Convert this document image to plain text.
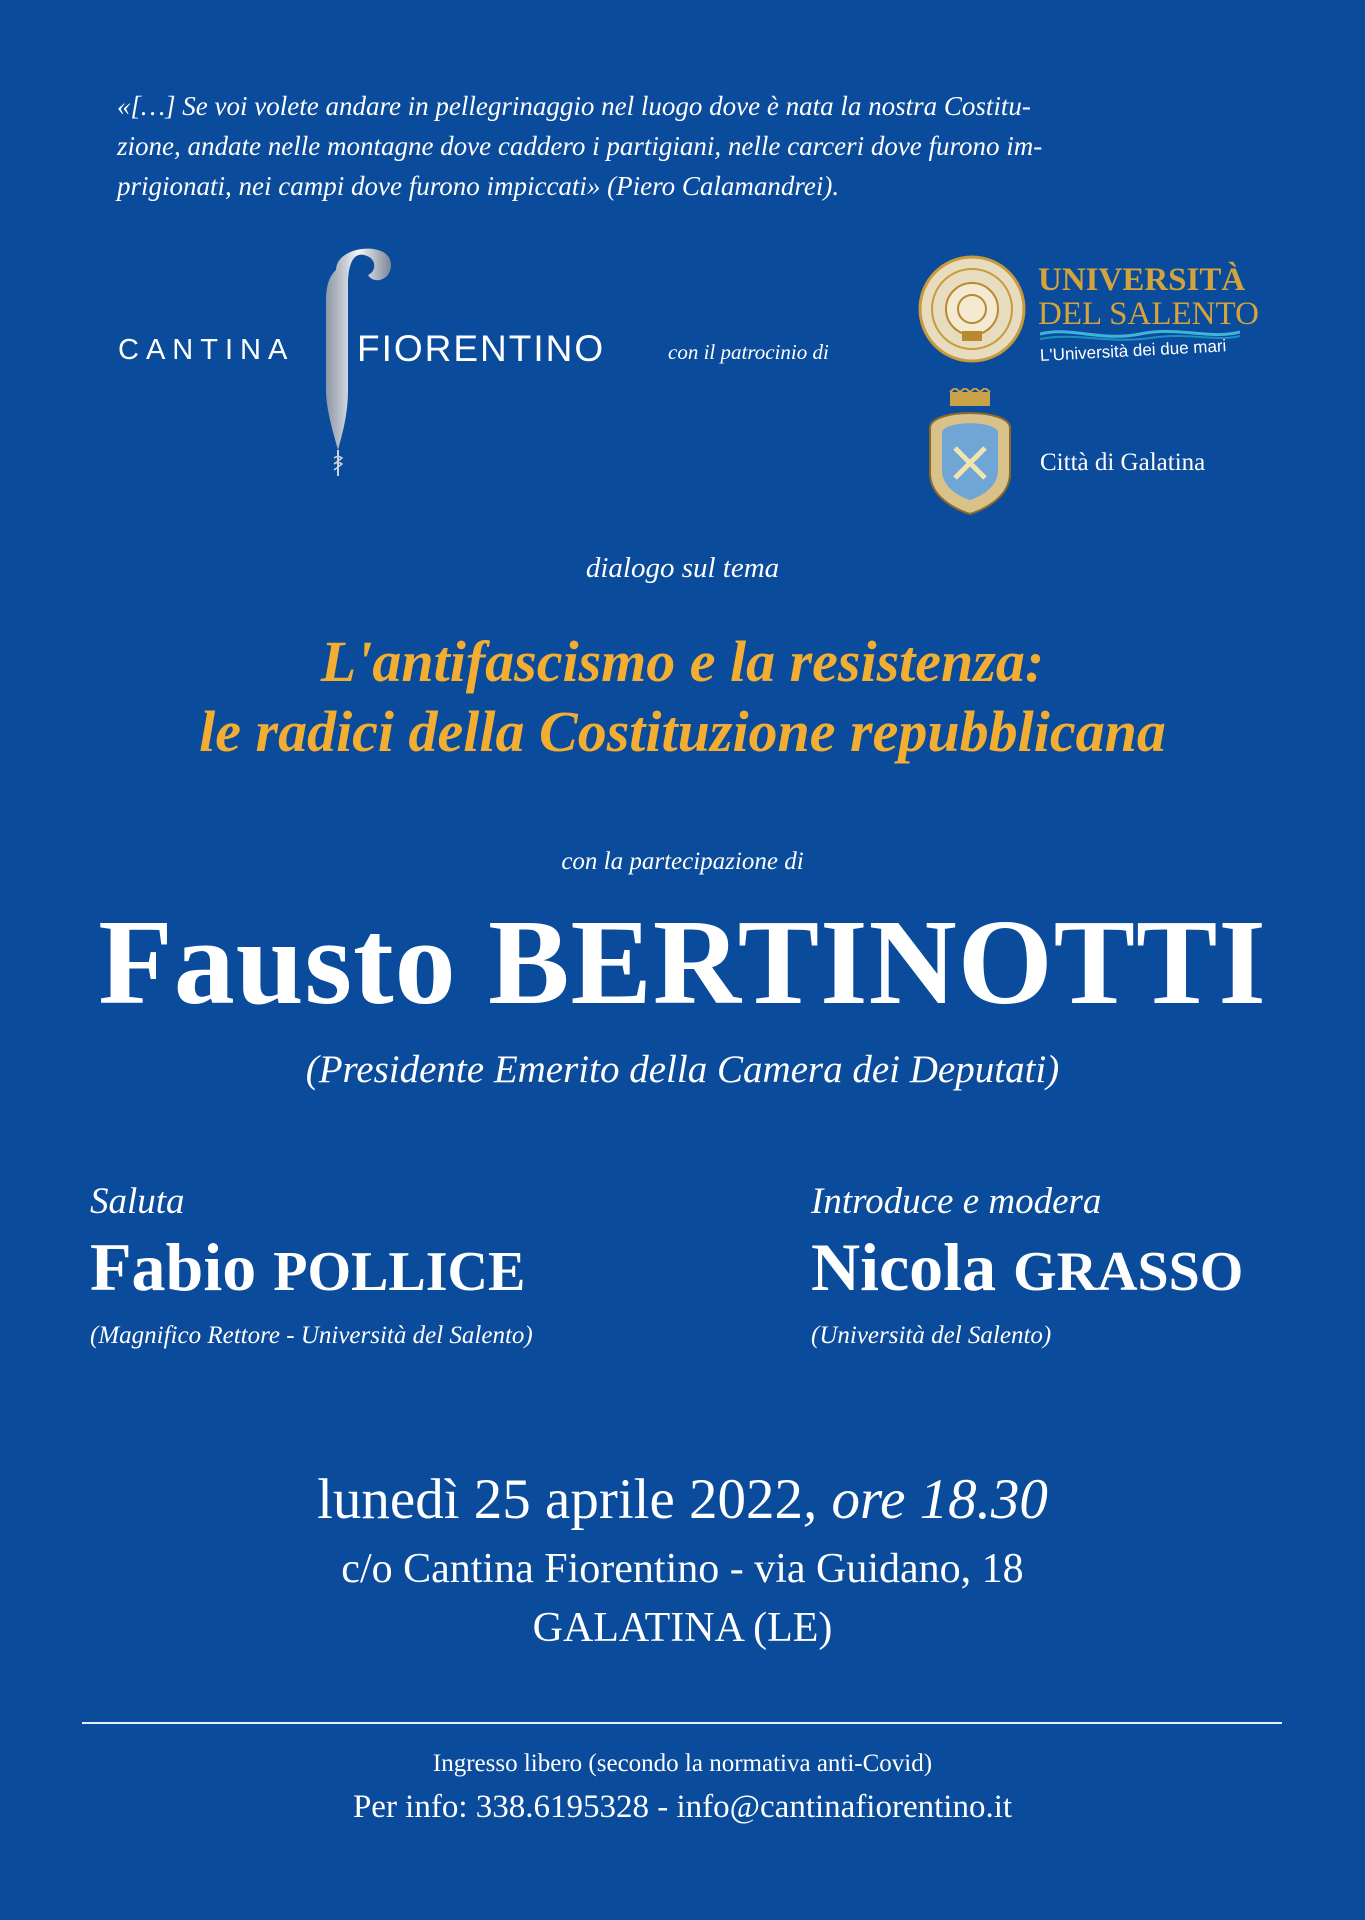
«[…] Se voi volete andare in pellegrinaggio nel luogo dove è nata la nostra Costitu-
zione, andate nelle montagne dove caddero i partigiani, nelle carceri dove furono im-
prigionati, nei campi dove furono impiccati» (Piero Calamandrei).
CANTINA FIORENTINO	con il patrocinio di
UNIVERSITÀ
DEL SALENTO
L'Università dei due mari
Città di Galatina
dialogo sul tema
L'antifascismo e la resistenza:
le radici della Costituzione repubblicana
con la partecipazione di
Fausto BERTINOTTI
(Presidente Emerito della Camera dei Deputati)
Saluta
Fabio POLLICE
(Magnifico Rettore - Università del Salento)
Introduce e modera
Nicola GRASSO
(Università del Salento)
lunedì 25 aprile 2022, ore 18.30
c/o Cantina Fiorentino - via Guidano, 18
GALATINA (LE)
Ingresso libero (secondo la normativa anti-Covid)
Per info: 338.6195328 - info@cantinafiorentino.it
